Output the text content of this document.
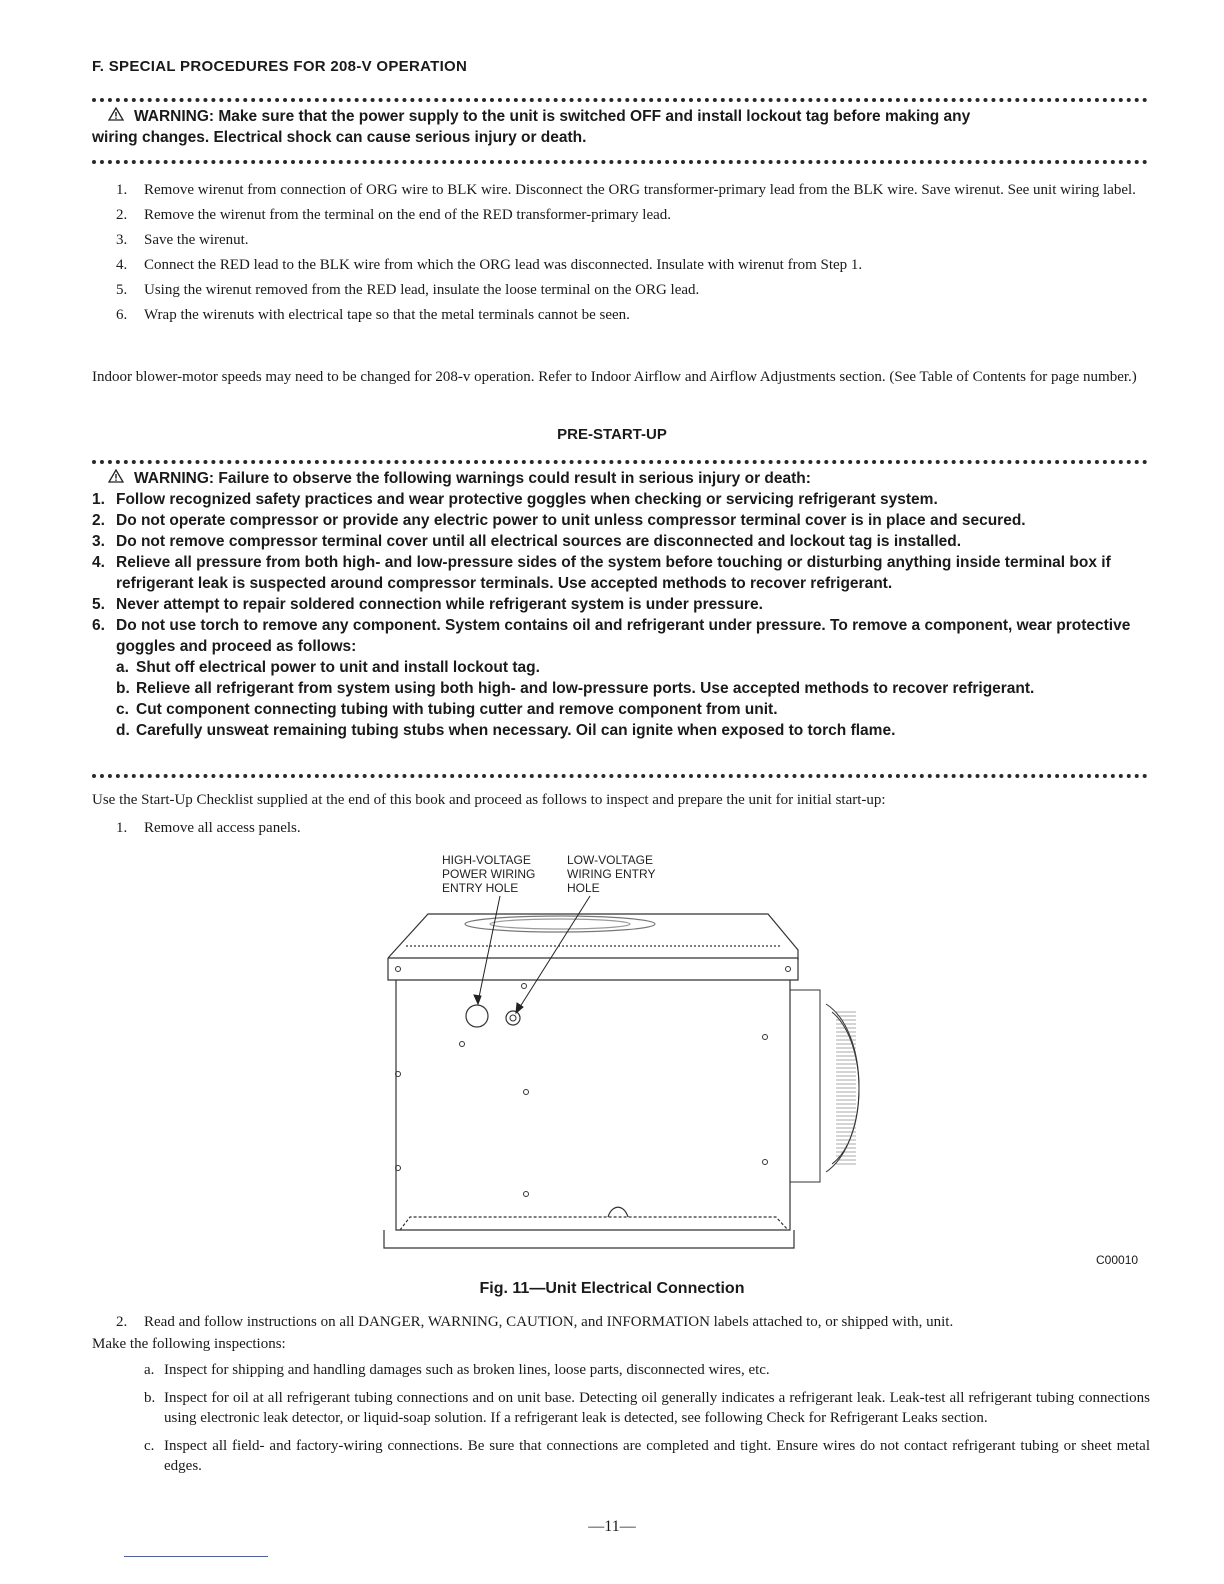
F. SPECIAL PROCEDURES FOR 208-V OPERATION
WARNING: Make sure that the power supply to the unit is switched OFF and install lockout tag before making any
wiring changes. Electrical shock can cause serious injury or death.
1. Remove wirenut from connection of ORG wire to BLK wire. Disconnect the ORG transformer-primary lead from the BLK wire. Save wirenut. See unit wiring label.
2. Remove the wirenut from the terminal on the end of the RED transformer-primary lead.
3. Save the wirenut.
4. Connect the RED lead to the BLK wire from which the ORG lead was disconnected. Insulate with wirenut from Step 1.
5. Using the wirenut removed from the RED lead, insulate the loose terminal on the ORG lead.
6. Wrap the wirenuts with electrical tape so that the metal terminals cannot be seen.

Indoor blower-motor speeds may need to be changed for 208-v operation. Refer to Indoor Airflow and Airflow Adjustments section. (See Table of Contents for page number.)

PRE-START-UP
WARNING: Failure to observe the following warnings could result in serious injury or death:
1. Follow recognized safety practices and wear protective goggles when checking or servicing refrigerant system.
2. Do not operate compressor or provide any electric power to unit unless compressor terminal cover is in place and secured.
3. Do not remove compressor terminal cover until all electrical sources are disconnected and lockout tag is installed.
4. Relieve all pressure from both high- and low-pressure sides of the system before touching or disturbing anything inside terminal box if refrigerant leak is suspected around compressor terminals. Use accepted methods to recover refrigerant.
5. Never attempt to repair soldered connection while refrigerant system is under pressure.
6. Do not use torch to remove any component. System contains oil and refrigerant under pressure. To remove a component, wear protective goggles and proceed as follows:
a. Shut off electrical power to unit and install lockout tag.
b. Relieve all refrigerant from system using both high- and low-pressure ports. Use accepted methods to recover refrigerant.
c. Cut component connecting tubing with tubing cutter and remove component from unit.
d. Carefully unsweat remaining tubing stubs when necessary. Oil can ignite when exposed to torch flame.

Use the Start-Up Checklist supplied at the end of this book and proceed as follows to inspect and prepare the unit for initial start-up:

1. Remove all access panels.
HIGH-VOLTAGE
POWER WIRING
ENTRY HOLE
LOW-VOLTAGE
WIRING ENTRY
HOLE
C00010
Fig. 11—Unit Electrical Connection
2. Read and follow instructions on all DANGER, WARNING, CAUTION, and INFORMATION labels attached to, or shipped with, unit.

Make the following inspections:

a. Inspect for shipping and handling damages such as broken lines, loose parts, disconnected wires, etc.
b. Inspect for oil at all refrigerant tubing connections and on unit base. Detecting oil generally indicates a refrigerant leak. Leak-test all refrigerant tubing connections using electronic leak detector, or liquid-soap solution. If a refrigerant leak is detected, see following Check for Refrigerant Leaks section.
c. Inspect all field- and factory-wiring connections. Be sure that connections are completed and tight. Ensure wires do not contact refrigerant tubing or sheet metal edges.
—11—
